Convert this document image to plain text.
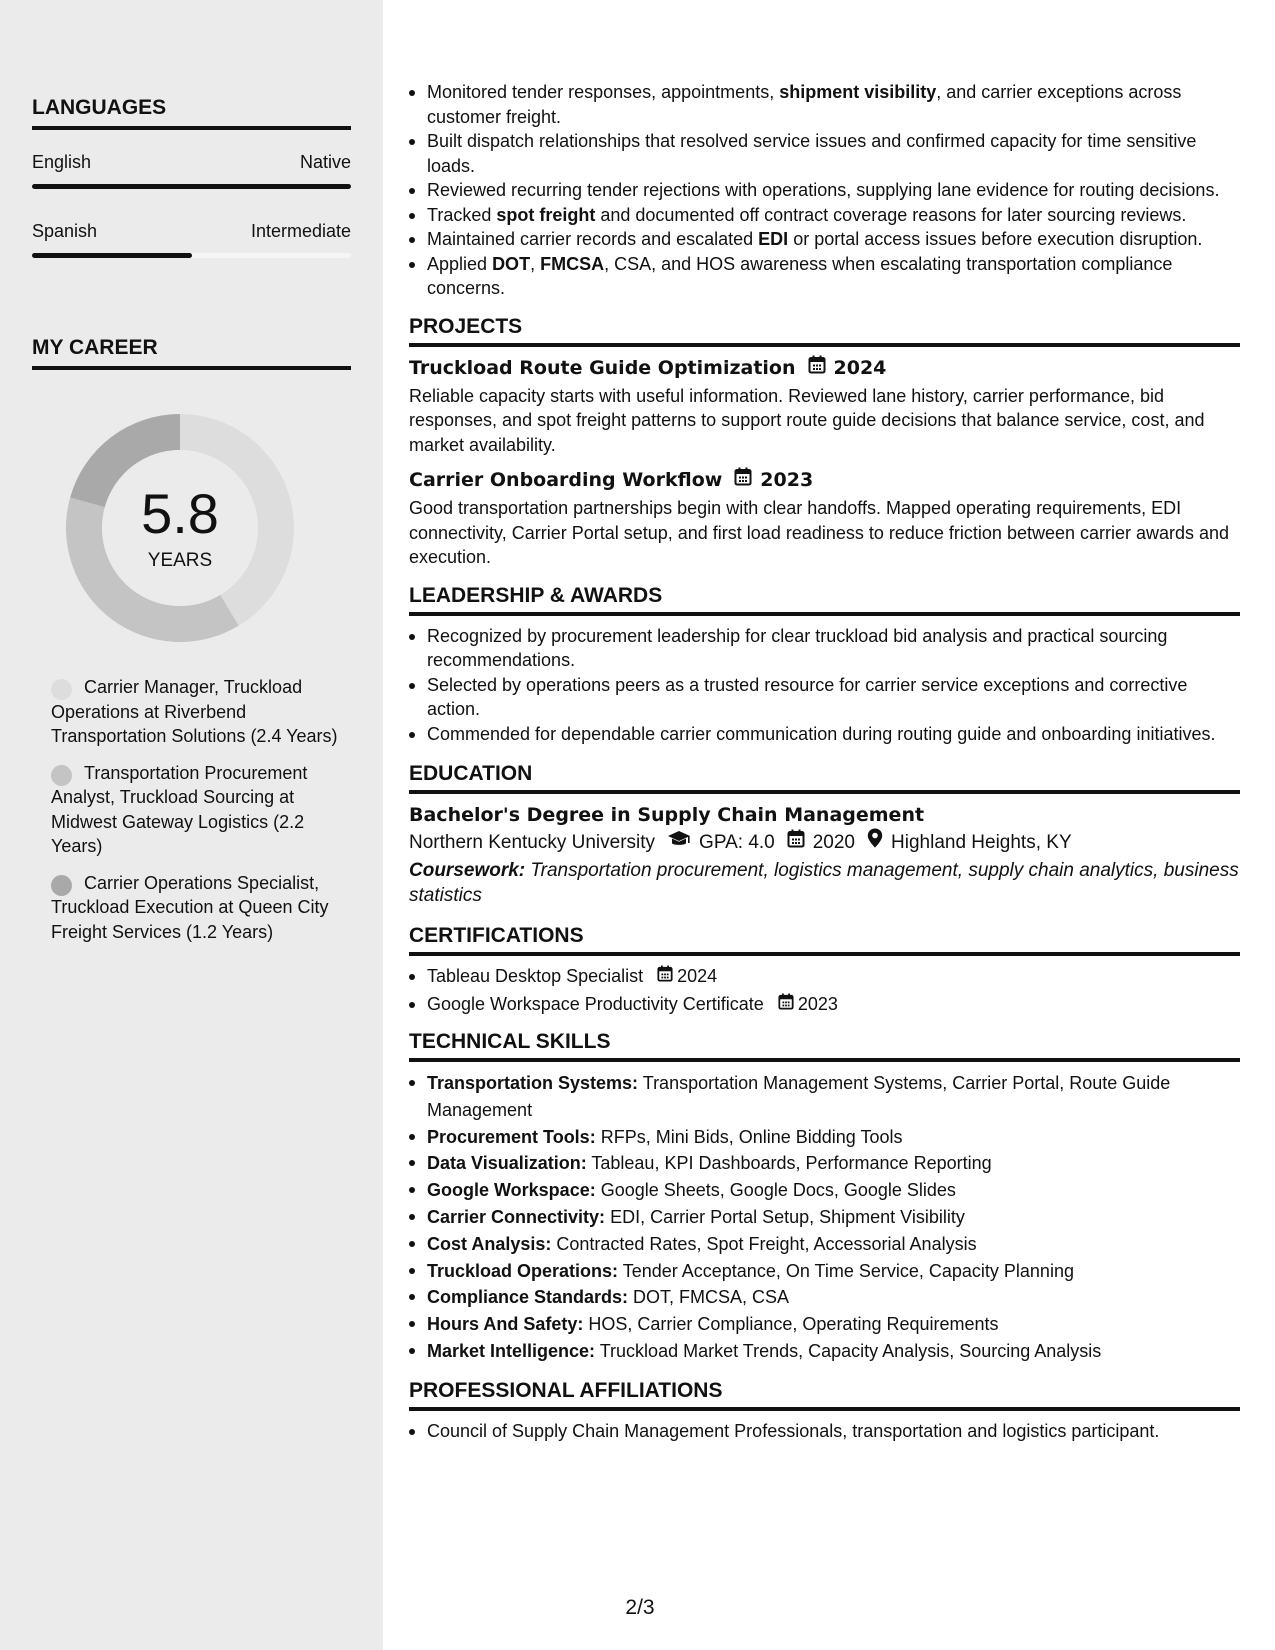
LANGUAGES
English	Native
Spanish	Intermediate
MY CAREER
5.8
YEARS
Carrier Manager, Truckload Operations at Riverbend Transportation Solutions (2.4 Years)
Transportation Procurement Analyst, Truckload Sourcing at Midwest Gateway Logistics (2.2 Years)
Carrier Operations Specialist, Truckload Execution at Queen City Freight Services (1.2 Years)
Monitored tender responses, appointments, shipment visibility, and carrier exceptions across customer freight.
Built dispatch relationships that resolved service issues and confirmed capacity for time sensitive loads.
Reviewed recurring tender rejections with operations, supplying lane evidence for routing decisions.
Tracked spot freight and documented off contract coverage reasons for later sourcing reviews.
Maintained carrier records and escalated EDI or portal access issues before execution disruption.
Applied DOT, FMCSA, CSA, and HOS awareness when escalating transportation compliance concerns.
PROJECTS
Truckload Route Guide Optimization 2024
Reliable capacity starts with useful information. Reviewed lane history, carrier performance, bid responses, and spot freight patterns to support route guide decisions that balance service, cost, and market availability.
Carrier Onboarding Workflow 2023
Good transportation partnerships begin with clear handoffs. Mapped operating requirements, EDI connectivity, Carrier Portal setup, and first load readiness to reduce friction between carrier awards and execution.
LEADERSHIP & AWARDS
Recognized by procurement leadership for clear truckload bid analysis and practical sourcing recommendations.
Selected by operations peers as a trusted resource for carrier service exceptions and corrective action.
Commended for dependable carrier communication during routing guide and onboarding initiatives.
EDUCATION
Bachelor's Degree in Supply Chain Management
Northern Kentucky University GPA: 4.0 2020 Highland Heights, KY
Coursework: Transportation procurement, logistics management, supply chain analytics, business statistics
CERTIFICATIONS
Tableau Desktop Specialist 2024
Google Workspace Productivity Certificate 2023
TECHNICAL SKILLS
Transportation Systems: Transportation Management Systems, Carrier Portal, Route Guide Management
Procurement Tools: RFPs, Mini Bids, Online Bidding Tools
Data Visualization: Tableau, KPI Dashboards, Performance Reporting
Google Workspace: Google Sheets, Google Docs, Google Slides
Carrier Connectivity: EDI, Carrier Portal Setup, Shipment Visibility
Cost Analysis: Contracted Rates, Spot Freight, Accessorial Analysis
Truckload Operations: Tender Acceptance, On Time Service, Capacity Planning
Compliance Standards: DOT, FMCSA, CSA
Hours And Safety: HOS, Carrier Compliance, Operating Requirements
Market Intelligence: Truckload Market Trends, Capacity Analysis, Sourcing Analysis
PROFESSIONAL AFFILIATIONS
Council of Supply Chain Management Professionals, transportation and logistics participant.
2/3
